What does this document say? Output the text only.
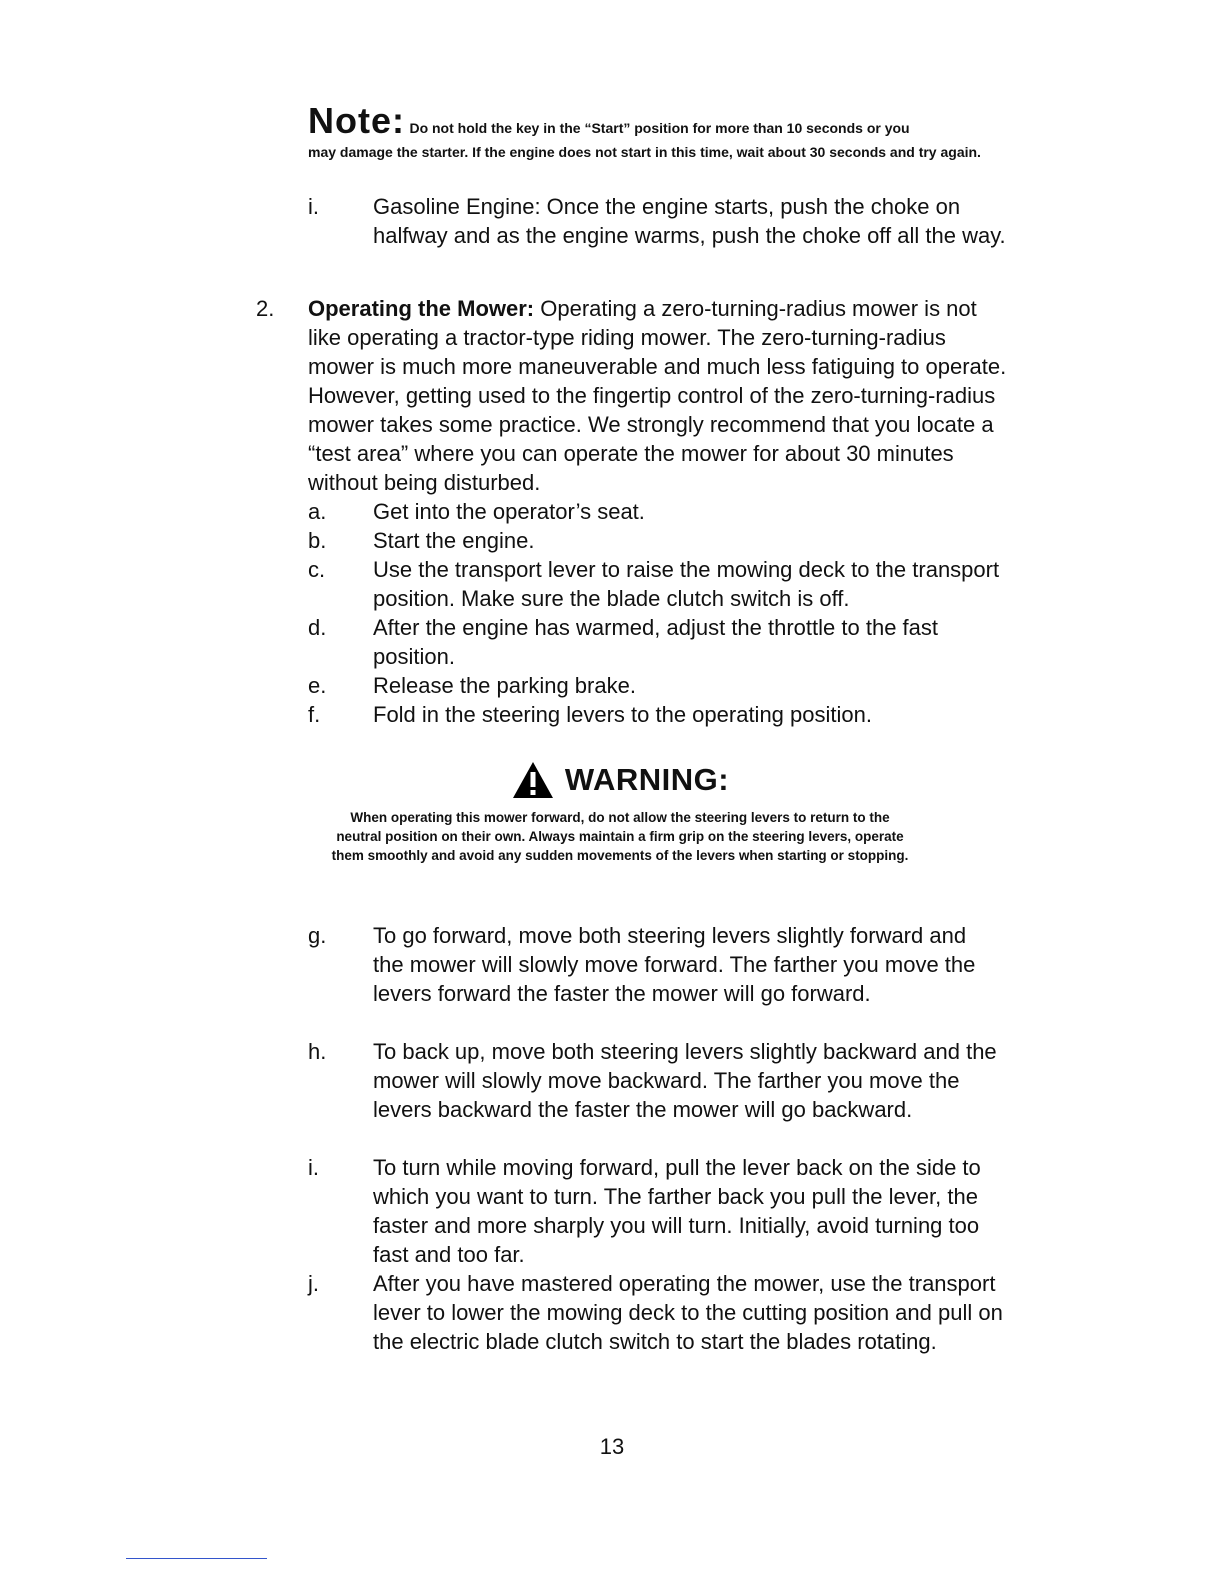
Note: Do not hold the key in the “Start” position for more than 10 seconds or you
may damage the starter. If the engine does not start in this time, wait about 30 seconds and try again.
i. Gasoline Engine: Once the engine starts, push the choke on halfway and as the engine warms, push the choke off all the way.
2. Operating the Mower: Operating a zero-turning-radius mower is not like operating a tractor-type riding mower. The zero-turning-radius mower is much more maneuverable and much less fatiguing to operate. However, getting used to the fingertip control of the zero-turning-radius mower takes some practice. We strongly recommend that you locate a “test area” where you can operate the mower for about 30 minutes without being disturbed.
a. Get into the operator’s seat.
b. Start the engine.
c. Use the transport lever to raise the mowing deck to the transport position. Make sure the blade clutch switch is off.
d. After the engine has warmed, adjust the throttle to the fast position.
e. Release the parking brake.
f. Fold in the steering levers to the operating position.
WARNING:
When operating this mower forward, do not allow the steering levers to return to the neutral position on their own. Always maintain a firm grip on the steering levers, operate them smoothly and avoid any sudden movements of the levers when starting or stopping.
g. To go forward, move both steering levers slightly forward and the mower will slowly move forward. The farther you move the levers forward the faster the mower will go forward.
h. To back up, move both steering levers slightly backward and the mower will slowly move backward. The farther you move the levers backward the faster the mower will go backward.
i. To turn while moving forward, pull the lever back on the side to which you want to turn. The farther back you pull the lever, the faster and more sharply you will turn. Initially, avoid turning too fast and too far.
j. After you have mastered operating the mower, use the transport lever to lower the mowing deck to the cutting position and pull on the electric blade clutch switch to start the blades rotating.
13
